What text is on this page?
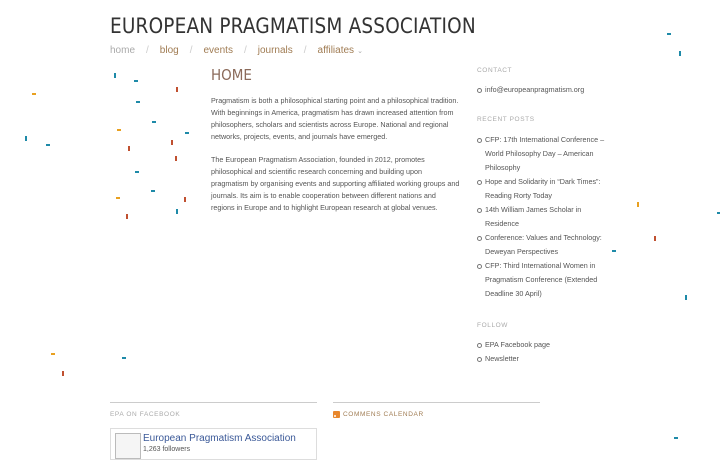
EUROPEAN PRAGMATISM ASSOCIATION
home / blog / events / journals / affiliates ⌄
HOME

Pragmatism is both a philosophical starting point and a philosophical tradition. With beginnings in America, pragmatism has drawn increased attention from philosophers, scholars and scientists across Europe. National and regional networks, projects, events, and journals have emerged.

The European Pragmatism Association, founded in 2012, promotes philosophical and scientific research concerning and building upon pragmatism by organising events and supporting affiliated working groups and journals. Its aim is to enable cooperation between different nations and regions in Europe and to highlight European research at global venues.

CONTACT
info@europeanpragmatism.org
RECENT POSTS
CFP: 17th International Conference – World Philosophy Day – American Philosophy
Hope and Solidarity in “Dark Times”: Reading Rorty Today
14th William James Scholar in Residence
Conference: Values and Technology: Deweyan Perspectives
CFP: Third International Women in Pragmatism Conference (Extended Deadline 30 April)
FOLLOW
EPA Facebook page
Newsletter
EPA ON FACEBOOK	COMMENS CALENDAR
European Pragmatism Association
1,263 followers
